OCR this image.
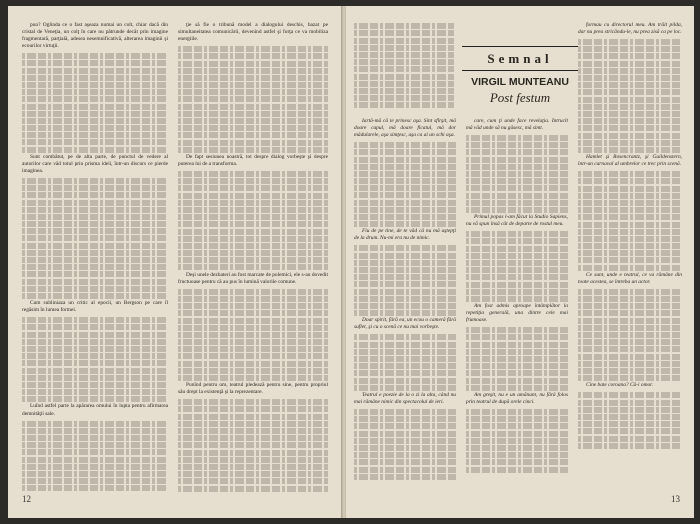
pun? Oglinda ce o fast aşeaza numai un colt, chiar dacă din cristal de Veneţia, un colţ în care nu pătrunde decât prin imagine fragmentară, parţială, adesea nesemnificativă, alterarea imaginii şi ecourilor virtuţii.

Sunt combătut, pe de alta parte, de punctul de vedere al autorilor care văd totul prin prisma ideii, într-un discurs ce pierde imaginea.

Cum subliniaza un critic al epocii, un Bergson pe care îl regăsim în lumea formei.

Luînd astfel parte la apărarea omului în lupta pentru afirmarea demnităţii sale.

ţie să fie o tribună model a dialogului deschis, bazat pe simultaneitatea comunicării, devenind astfel şi forţa ce va mobiliza energiile.

De fapt sesiunea noastră, tot despre dialog vorbeşte şi despre puterea lui de a transforma.

Deşi unele dezbateri au fost marcate de polemici, ele s-au dovedit fructuoase pentru că au pus în lumină valorile comune.

Punînd pentru om, teatrul pledează pentru sine, pentru propriul său drept la existenţă şi la reprezentare.

12
Semnal
VIRGIL MUNTEANU
Post festum

Iartă-mă că te prinesc aşa. Sint sfîrşit, mă doare capul, mă doare ficatul, mă dor mădularele, aşa simţesc, aşa ca ai un schi aşa.

Fiu de pe tine, de te văd că nu mă aştepţi de la drum. Nu-mi era nu de nimic.

Doar spirit, fără ea, un ecou o cameră fără suflet, şi cu o scenă ce nu mai vorbeşte.

Teatrul e poezie de la o zi la alta, când nu mai rămâne nimic din spectacolul de ieri.

care, cum ţi unde face revelaţia. Întrucît mă văd unde să nu găsesc, mă simt.

Primul popas l-am făcut la Studio Sapiens, nu vă spun însă cât de departe de rostul meu.

Am fost admis aproape întâmplător la repetiţia generală, una dintre cele mai frumoase.

Am greşit, nu e un amănunt, nu fără folos prin teatrul de după orele cinci.

formau cu directorul meu. Am trăit pilda, dar nu prea stricăndu-le, nu prea zisă ca pe loc.

Hamlet şi Rosencrantz, şi Guildenstern, într-un carnaval al umbrelor ce trec prin scenă.

Ce sunt, unde e teatrul, ce va rămâne din toate acestea, se întreba un actor.

Cine bate coroana? Că-i omor.

13
